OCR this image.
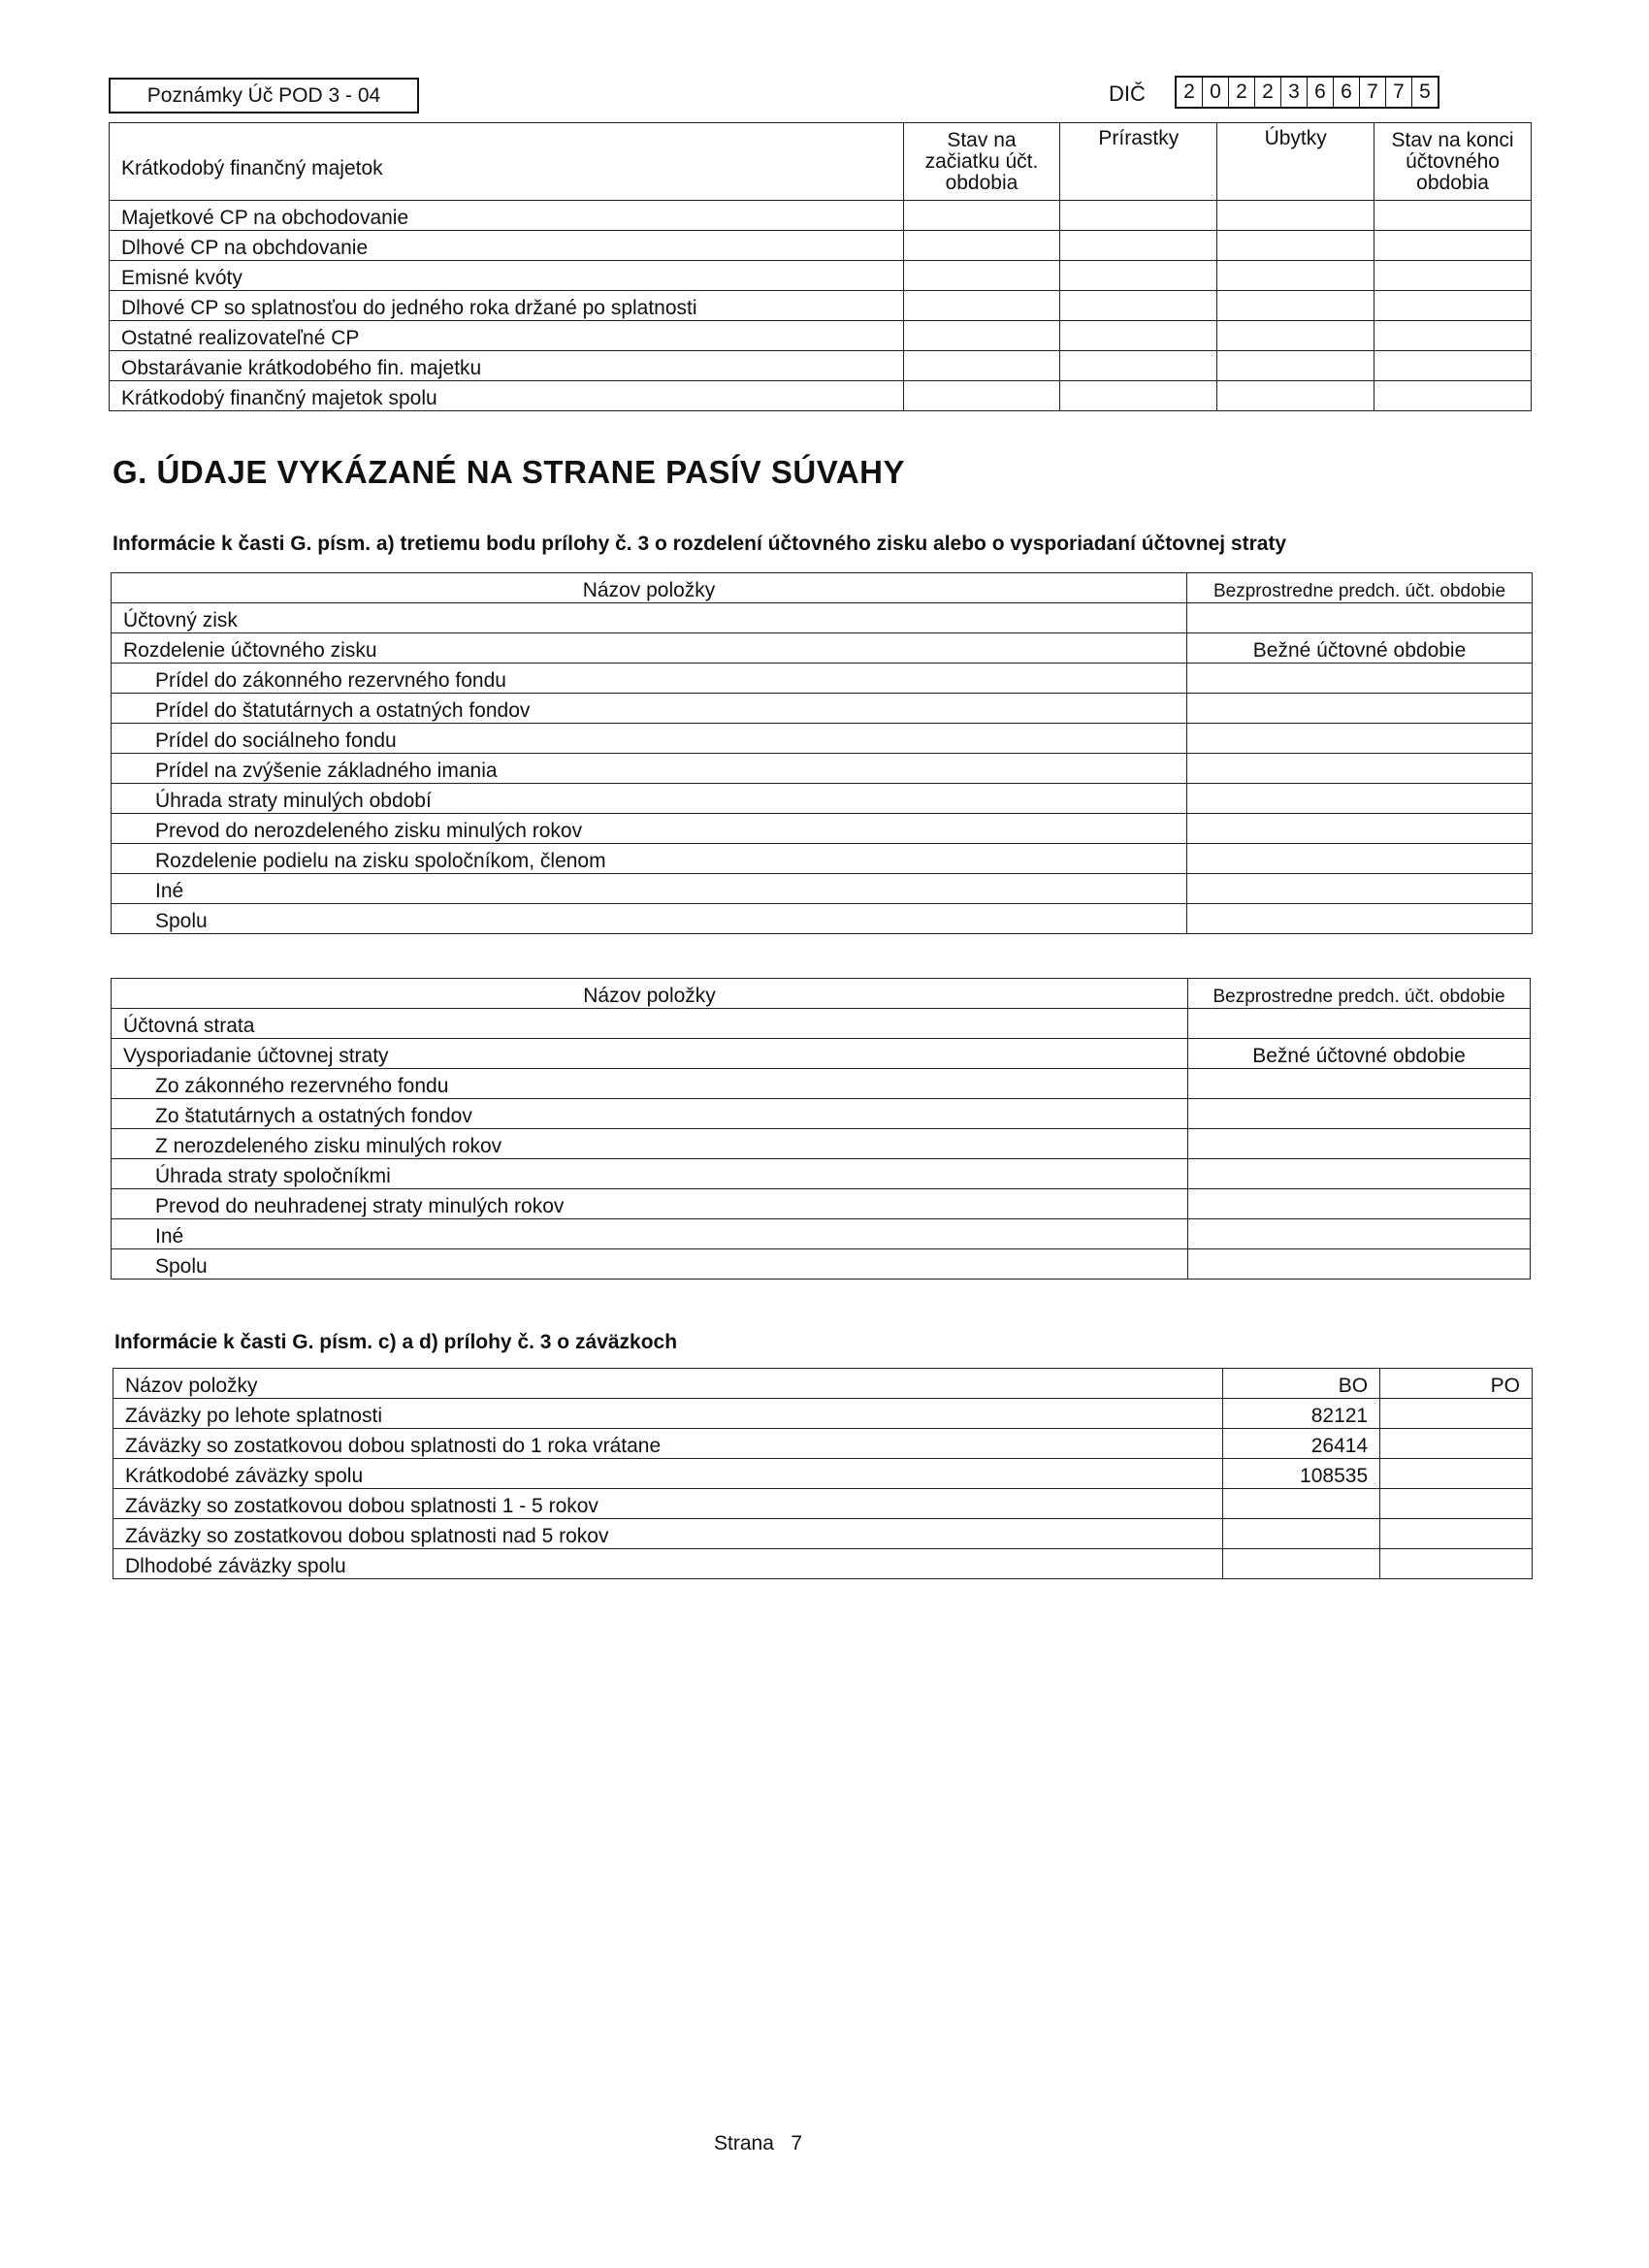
Poznámky Úč POD 3 - 04	DIČ	2 0 2 2 3 6 6 7 7 5
Krátkodobý finančný majetok	Stav na začiatku účt. obdobia	Prírastky	Úbytky	Stav na konci účtovného obdobia
Majetkové CP na obchodovanie				
Dlhové CP na obchdovanie				
Emisné kvóty				
Dlhové CP so splatnosťou do jedného roka držané po splatnosti				
Ostatné realizovateľné CP				
Obstarávanie krátkodobého fin. majetku				
Krátkodobý finančný majetok spolu				
G. ÚDAJE VYKÁZANÉ NA STRANE PASÍV SÚVAHY
Informácie k časti G. písm. a) tretiemu bodu prílohy č. 3 o rozdelení účtovného zisku alebo o vysporiadaní účtovnej straty
Názov položky	Bezprostredne predch. účt. obdobie
Účtovný zisk	
Rozdelenie účtovného zisku	Bežné účtovné obdobie
Prídel do zákonného rezervného fondu	
Prídel do štatutárnych a ostatných fondov	
Prídel do sociálneho fondu	
Prídel na zvýšenie základného imania	
Úhrada straty minulých období	
Prevod do nerozdeleného zisku minulých rokov	
Rozdelenie podielu na zisku spoločníkom, členom	
Iné	
Spolu	
Názov položky	Bezprostredne predch. účt. obdobie
Účtovná strata	
Vysporiadanie účtovnej straty	Bežné účtovné obdobie
Zo zákonného rezervného fondu	
Zo štatutárnych a ostatných fondov	
Z nerozdeleného zisku minulých rokov	
Úhrada straty spoločníkmi	
Prevod do neuhradenej straty minulých rokov	
Iné	
Spolu	
Informácie k časti G. písm. c) a d) prílohy č. 3 o záväzkoch
Názov položky	BO	PO
Záväzky po lehote splatnosti	82121	
Záväzky so zostatkovou dobou splatnosti do 1 roka vrátane	26414	
Krátkodobé záväzky spolu	108535	
Záväzky so zostatkovou dobou splatnosti 1 - 5 rokov		
Záväzky so zostatkovou dobou splatnosti nad 5 rokov		
Dlhodobé záväzky spolu		
Strana   7
